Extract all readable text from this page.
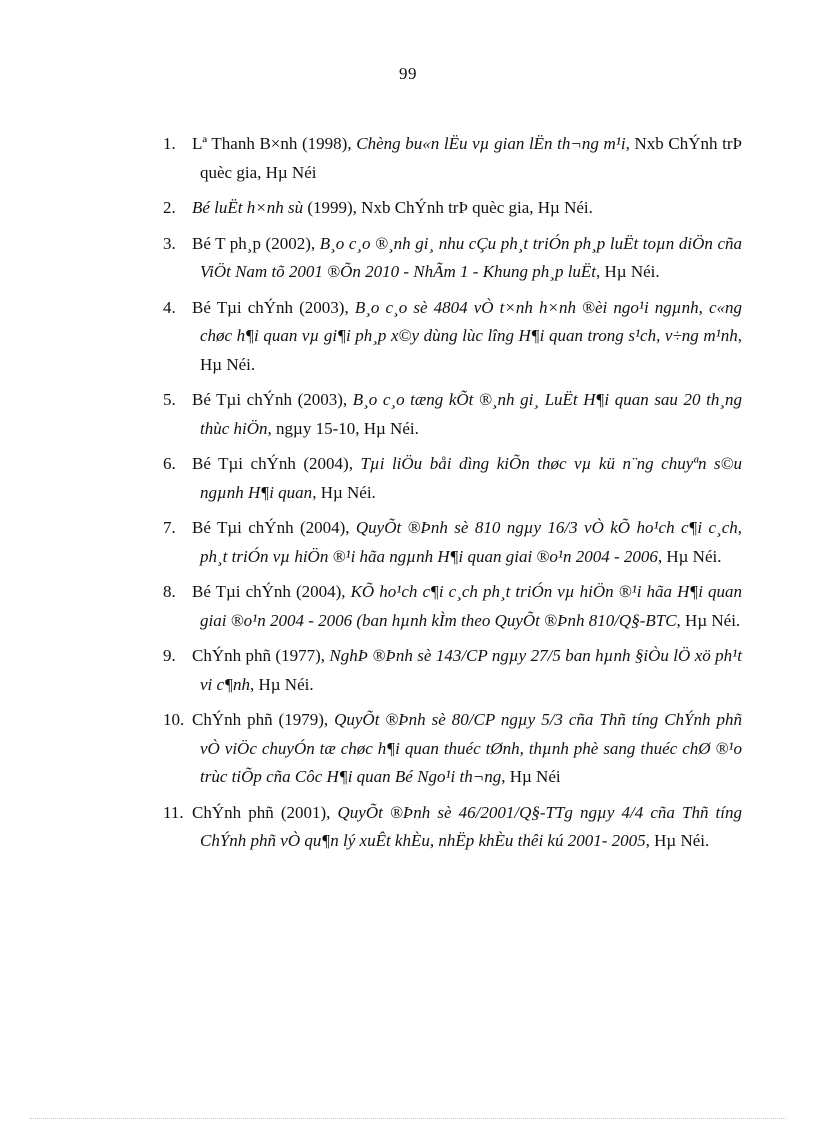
99
1. Lª Thanh B×nh (1998), Chèng bu«n lËu vµ gian lËn th¬ng m¹i, Nxb ChÝnh trÞ quèc gia, Hµ Néi
2. Bé luËt h×nh sù (1999), Nxb ChÝnh trÞ quèc gia, Hµ Néi.
3. Bé T ph¸p (2002), B¸o c¸o ®¸nh gi¸ nhu cÇu ph¸t triÓn ph¸p luËt toµn diÖn cña ViÖt Nam tõ 2001 ®Õn 2010 - NhÃm 1 - Khung ph¸p luËt, Hµ Néi.
4. Bé Tµi chÝnh (2003), B¸o c¸o sè 4804 vÒ t×nh h×nh ®èi ngo¹i ngµnh, c«ng chøc h¶i quan vµ gi¶i ph¸p x©y dùng lùc lîng H¶i quan trong s¹ch, v÷ng m¹nh, Hµ Néi.
5. Bé Tµi chÝnh (2003), B¸o c¸o tæng kÕt ®¸nh gi¸ LuËt H¶i quan sau 20 th¸ng thùc hiÖn, ngµy 15-10, Hµ Néi.
6. Bé Tµi chÝnh (2004), Tµi liÖu båi dìng kiÕn thøc vµ kü n¨ng chuyªn s©u ngµnh H¶i quan, Hµ Néi.
7. Bé Tµi chÝnh (2004), QuyÕt ®Þnh sè 810 ngµy 16/3 vÒ kÕ ho¹ch c¶i c¸ch, ph¸t triÓn vµ hiÖn ®¹i hãa ngµnh H¶i quan giai ®o¹n 2004 - 2006, Hµ Néi.
8. Bé Tµi chÝnh (2004), KÕ ho¹ch c¶i c¸ch ph¸t triÓn vµ hiÖn ®¹i hãa H¶i quan giai ®o¹n 2004 - 2006 (ban hµnh kÌm theo QuyÕt ®Þnh 810/Q§-BTC, Hµ Néi.
9. ChÝnh phñ (1977), NghÞ ®Þnh sè 143/CP ngµy 27/5 ban hµnh §iÒu lÖ xö ph¹t vi c¶nh, Hµ Néi.
10. ChÝnh phñ (1979), QuyÕt ®Þnh sè 80/CP ngµy 5/3 cña Thñ tíng ChÝnh phñ vÒ viÖc chuyÓn tæ chøc h¶i quan thuéc tØnh, thµnh phè sang thuéc chØ ®¹o trùc tiÕp cña Côc H¶i quan Bé Ngo¹i th¬ng, Hµ Néi
11. ChÝnh phñ (2001), QuyÕt ®Þnh sè 46/2001/Q§-TTg ngµy 4/4 cña Thñ tíng ChÝnh phñ vÒ qu¶n lý xuÊt khÈu, nhËp khÈu thêi kú 2001- 2005, Hµ Néi.
